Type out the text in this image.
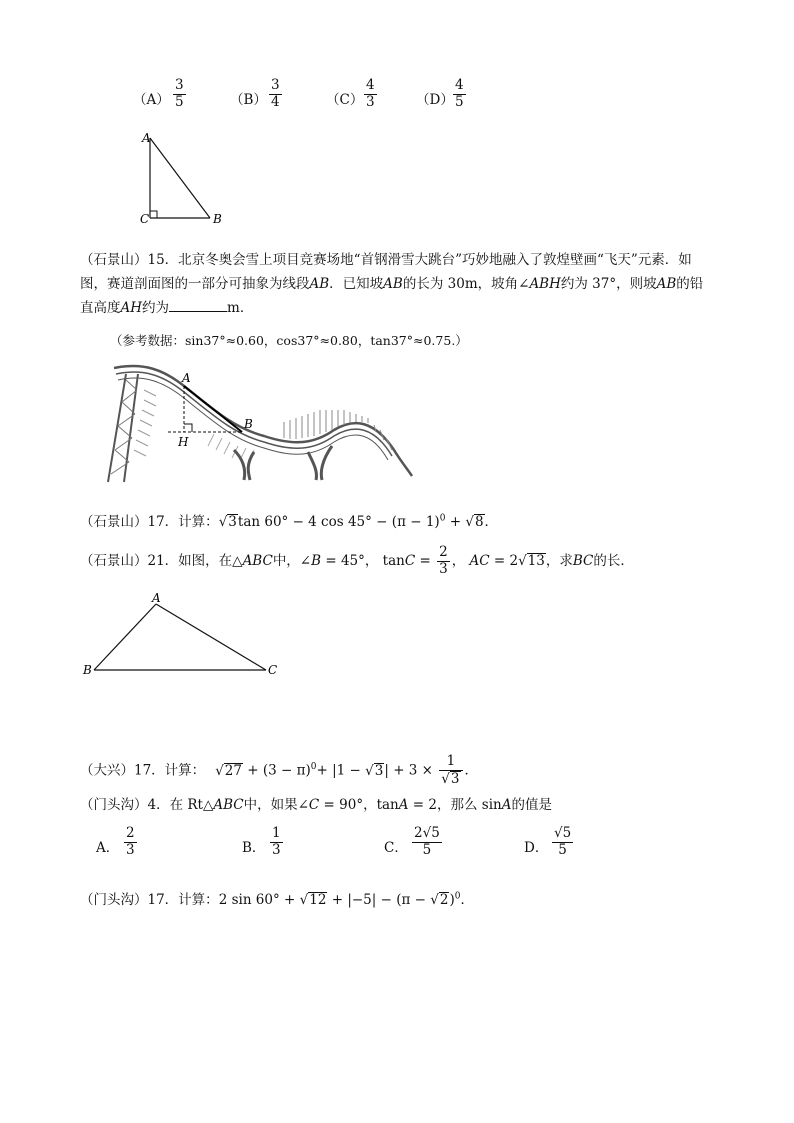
$(A) \frac{3}{5}$	$(B) \frac{3}{4}$	$(C) \frac{4}{3}$	$(D) \frac{4}{5}$
A
C	B
（石景山）15．北京冬奥会雪上项目竞赛场地“首钢滑雪大跳台”巧妙地融入了敦煌壁画“飞天”元素．如
图，赛道剖面图的一部分可抽象为线段AB．已知坡AB的长为 30m，坡角∠ABH约为 37°，则坡AB的铅
直高度AH约为	m．
（参考数据：sin37°≈0.60，cos37°≈0.80，tan37°≈0.75.）
A
B
H
（石景山）17．计算： √ 3tan 60° − 4 $\cos 45^\circ - (\pi - 1)^0$ + √ 8．
（石景山）21．如图，在△ABC中，∠B = 45°， $\tan C = \frac{2}{3}$ ， AC = 2 √ 13，求BC的长．
A
B	C
（大兴）17．计算： √ $27 + (3 - \pi)^0+ |1$ − √ 3| + 3 × 1
√ 3 ．
（门头沟）4．在 Rt△ABC中，如果∠C = 90°，tanA = 2，那么 sinA的值是
A． $\frac{2}{3}$	B． $\frac{1}{3}$	C． $\frac{2√5}{5}$	D． $\frac{√5}{5}$
（门头沟）17．计算：2 sin 60° + √ 12 + |−5| − (π − √ 2)$^0$．
